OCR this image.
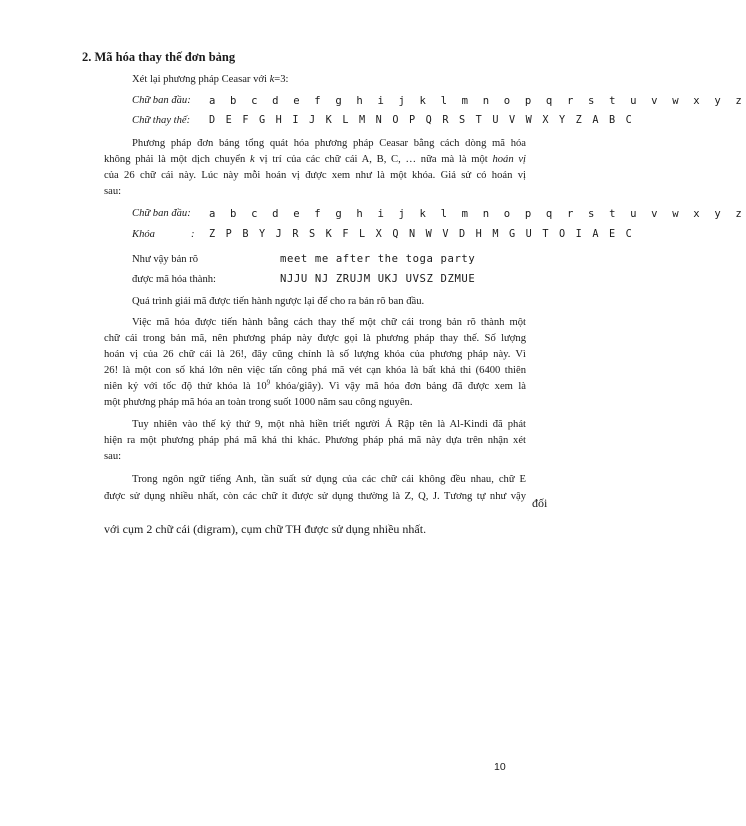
2. Mã hóa thay thế đơn bảng
Xét lại phương pháp Ceasar với k=3:
Chữ ban đầu: a b c d e f g h i j k l m n o p q r s t u v w x y z
Chữ thay thế: D E F G H I J K L M N O P Q R S T U V W X Y Z A B C
Phương pháp đơn bảng tổng quát hóa phương pháp Ceasar bằng cách dòng mã hóa
không phải là một dịch chuyển k vị trí của các chữ cái A, B, C, … nữa mà là một hoán vị
của 26 chữ cái này. Lúc này mỗi hoán vị được xem như là một khóa. Giả sử có hoán vị
sau:
Chữ ban đầu: a b c d e f g h i j k l m n o p q r s t u v w x y z
Khóa	: Z P B Y J R S K F L X Q N W V D H M G U T O I A E C
Như vậy bản rõ	meet me after the toga party
được mã hóa thành:	NJJU NJ ZRUJM UKJ UVSZ DZMUE
Quá trình giải mã được tiến hành ngược lại để cho ra bản rõ ban đầu.
Việc mã hóa được tiến hành bằng cách thay thế một chữ cái trong bản rõ thành một
chữ cái trong bản mã, nên phương pháp này được gọi là phương pháp thay thế. Số lượng
hoán vị của 26 chữ cái là 26!, đây cũng chính là số lượng khóa của phương pháp này. Vì
26! là một con số khá lớn nên việc tấn công phá mã vét cạn khóa là bất khả thi (6400 thiên
niên kỷ với tốc độ thử khóa là $10^9$ khóa/giây). Vì vậy mã hóa đơn bảng đã được xem là
một phương pháp mã hóa an toàn trong suốt 1000 năm sau công nguyên.
Tuy nhiên vào thế kỷ thứ 9, một nhà hiền triết người Ả Rập tên là Al-Kindi đã phát
hiện ra một phương pháp phá mã khả thi khác. Phương pháp phá mã này dựa trên nhận xét
sau:
Trong ngôn ngữ tiếng Anh, tần suất sử dụng của các chữ cái không đều nhau, chữ E
được sử dụng nhiều nhất, còn các chữ ít được sử dụng thường là Z, Q, J. Tương tự như vậy đối
với cụm 2 chữ cái (digram), cụm chữ TH được sử dụng nhiều nhất.
10
